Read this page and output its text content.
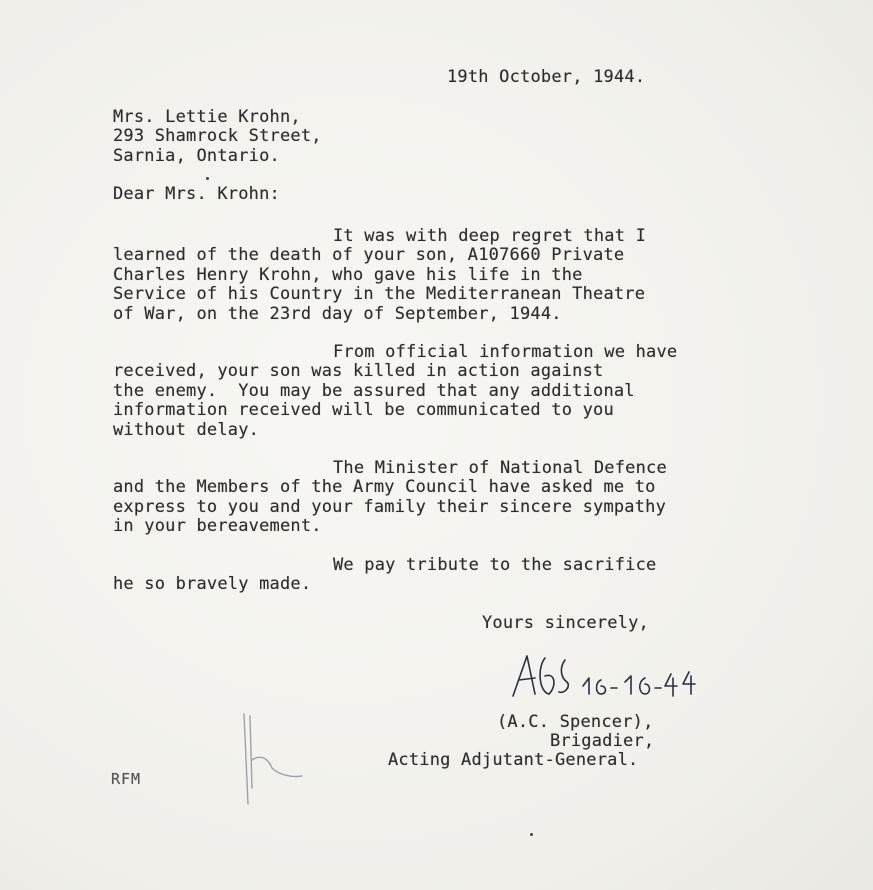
19th October, 1944.
Mrs. Lettie Krohn,
293 Shamrock Street,
Sarnia, Ontario.
Dear Mrs. Krohn:
It was with deep regret that I
learned of the death of your son, A107660 Private
Charles Henry Krohn, who gave his life in the
Service of his Country in the Mediterranean Theatre
of War, on the 23rd day of September, 1944.
From official information we have
received, your son was killed in action against
the enemy.  You may be assured that any additional
information received will be communicated to you
without delay.
The Minister of National Defence
and the Members of the Army Council have asked me to
express to you and your family their sincere sympathy
in your bereavement.
We pay tribute to the sacrifice
he so bravely made.
Yours sincerely,
(A.C. Spencer),
Brigadier,
Acting Adjutant-General.
RFM
